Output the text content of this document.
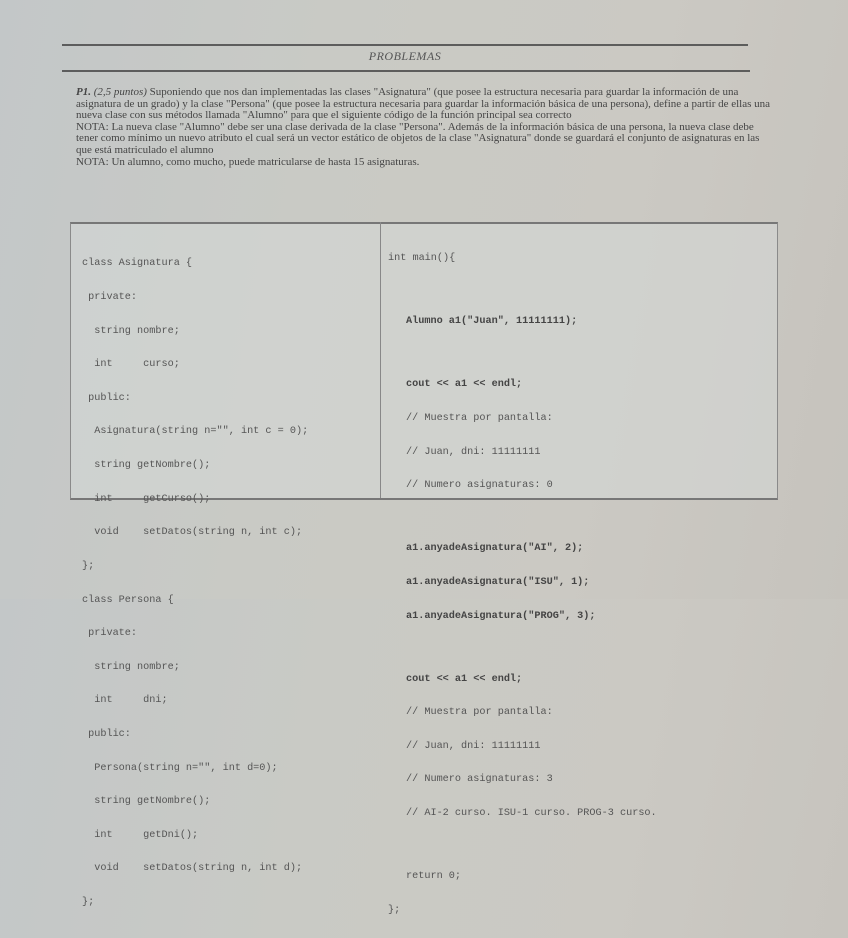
PROBLEMAS

P1. (2,5 puntos) Suponiendo que nos dan implementadas las clases "Asignatura" (que posee la estructura necesaria para guardar la información de una asignatura de un grado) y la clase "Persona" (que posee la estructura necesaria para guardar la información básica de una persona), define a partir de ellas una nueva clase con sus métodos llamada "Alumno" para que el siguiente código de la función principal sea correcto

NOTA: La nueva clase "Alumno" debe ser una clase derivada de la clase "Persona". Además de la información básica de una persona, la nueva clase debe tener como mínimo un nuevo atributo el cual será un vector estático de objetos de la clase "Asignatura" donde se guardará el conjunto de asignaturas en las que está matriculado el alumno

NOTA: Un alumno, como mucho, puede matricularse de hasta 15 asignaturas.

class Asignatura {

private:

string nombre;

int     curso;

public:

Asignatura(string n="", int c = 0);

string getNombre();

int     getCurso();

void    setDatos(string n, int c);

};

class Persona {

private:

string nombre;

int     dni;

public:

Persona(string n="", int d=0);

string getNombre();

int     getDni();

void    setDatos(string n, int d);

};

int main(){

Alumno a1("Juan", 11111111);

cout << a1 << endl;

// Muestra por pantalla:

// Juan, dni: 11111111

// Numero asignaturas: 0

a1.anyadeAsignatura("AI", 2);

a1.anyadeAsignatura("ISU", 1);

a1.anyadeAsignatura("PROG", 3);

cout << a1 << endl;

// Muestra por pantalla:

// Juan, dni: 11111111

// Numero asignaturas: 3

// AI-2 curso. ISU-1 curso. PROG-3 curso.

return 0;

};
